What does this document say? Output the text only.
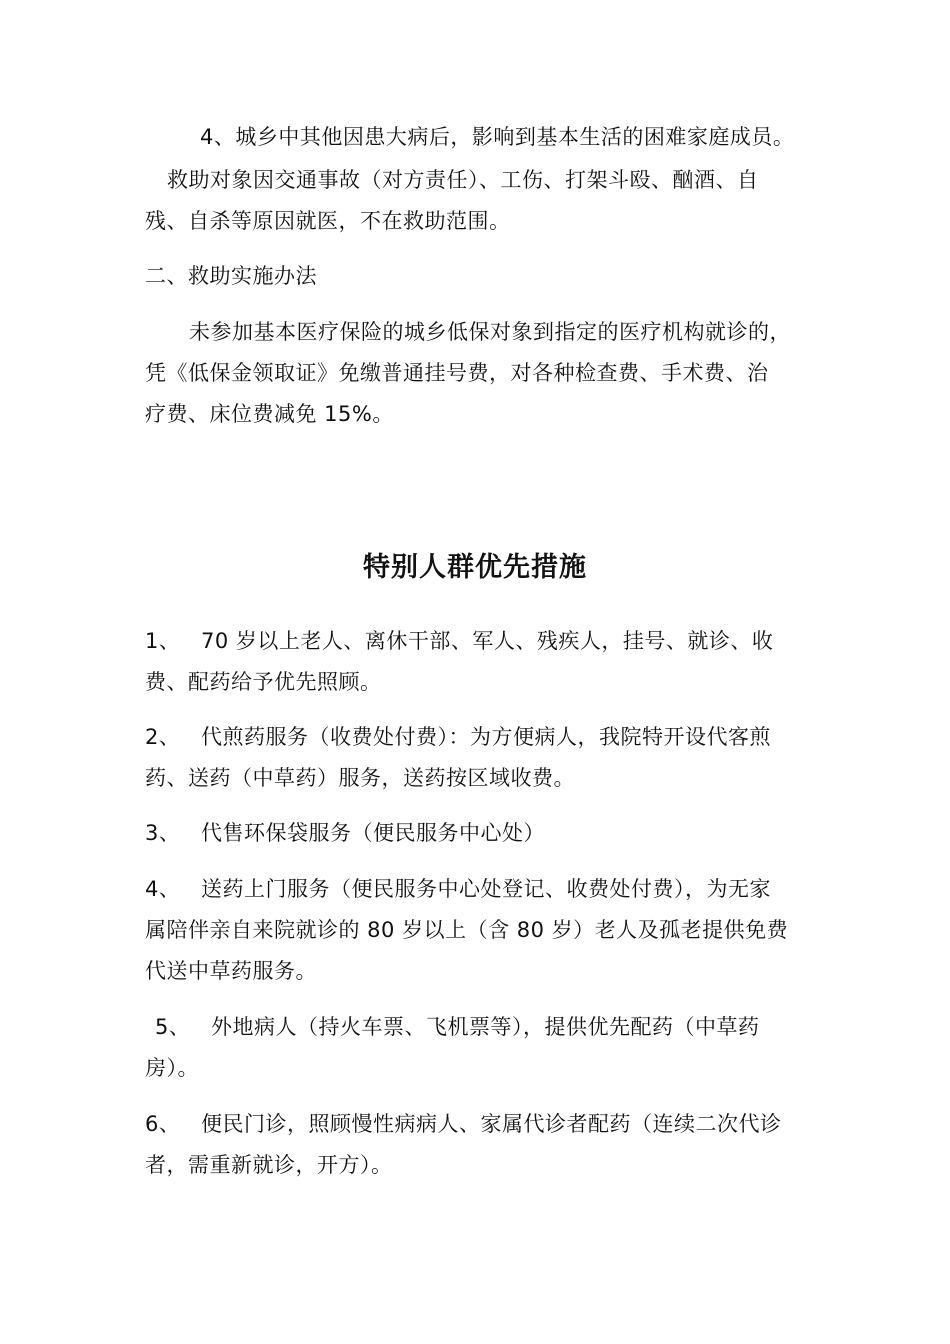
4、城乡中其他因患大病后，影响到基本生活的困难家庭成员。
救助对象因交通事故（对方责任）、工伤、打架斗殴、酗酒、自
残、自杀等原因就医，不在救助范围。
二、救助实施办法
未参加基本医疗保险的城乡低保对象到指定的医疗机构就诊的，
凭《低保金领取证》免缴普通挂号费，对各种检查费、手术费、治
疗费、床位费减免 15%。
特别人群优先措施
1、 70 岁以上老人、离休干部、军人、残疾人，挂号、就诊、收
费、配药给予优先照顾。
2、 代煎药服务（收费处付费）：为方便病人，我院特开设代客煎
药、送药（中草药）服务，送药按区域收费。
3、 代售环保袋服务（便民服务中心处）
4、 送药上门服务（便民服务中心处登记、收费处付费），为无家
属陪伴亲自来院就诊的 80 岁以上（含 80 岁）老人及孤老提供免费
代送中草药服务。
5、 外地病人（持火车票、飞机票等），提供优先配药（中草药
房）。
6、 便民门诊，照顾慢性病病人、家属代诊者配药（连续二次代诊
者，需重新就诊，开方）。
